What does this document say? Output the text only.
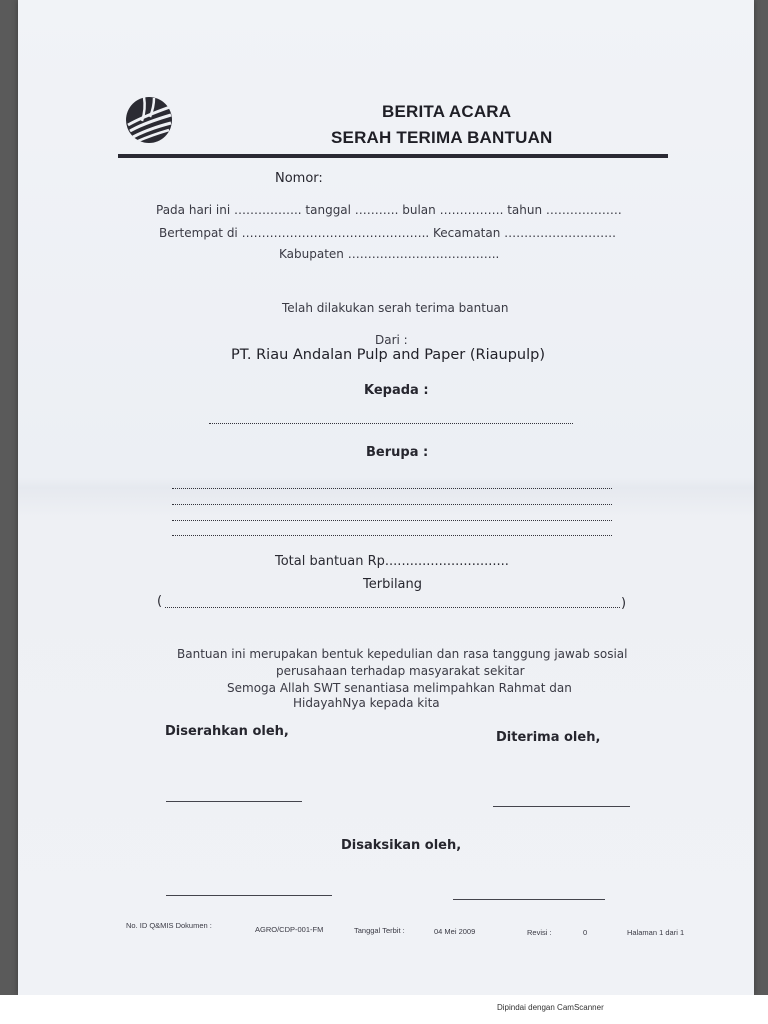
Dipindai dengan CamScanner
BERITA ACARA
SERAH TERIMA BANTUAN
Nomor:
Pada hari ini …………….. tanggal ……….. bulan ……………. tahun ……………….
Bertempat di ……………………………………….. Kecamatan ……………………….
Kabupaten ………………………………..
Telah dilakukan serah terima bantuan
Dari :
PT. Riau Andalan Pulp and Paper (Riaupulp)
Kepada :
Berupa :
Total bantuan Rp..............................
Terbilang
(	)
Bantuan ini merupakan bentuk kepedulian dan rasa tanggung jawab sosial
perusahaan terhadap masyarakat sekitar
Semoga Allah SWT senantiasa melimpahkan Rahmat dan
HidayahNya kepada kita
Diserahkan oleh,	Diterima oleh,
Disaksikan oleh,
No. ID Q&MIS Dokumen :	AGRO/CDP-001-FM	Tanggal Terbit :	04 Mei 2009	Revisi :	0	Halaman 1 dari 1
